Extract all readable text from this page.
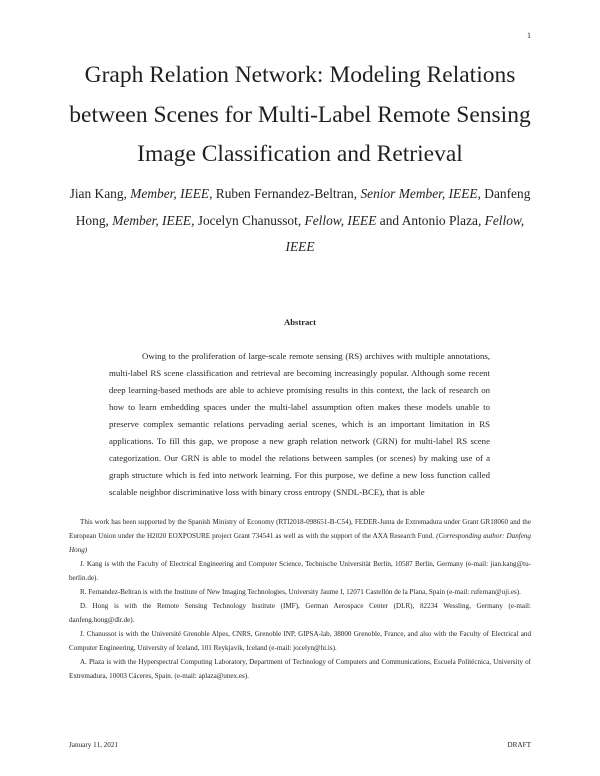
1
Graph Relation Network: Modeling Relations between Scenes for Multi-Label Remote Sensing Image Classification and Retrieval
Jian Kang, Member, IEEE, Ruben Fernandez-Beltran, Senior Member, IEEE, Danfeng Hong, Member, IEEE, Jocelyn Chanussot, Fellow, IEEE and Antonio Plaza, Fellow, IEEE
Abstract

Owing to the proliferation of large-scale remote sensing (RS) archives with multiple annotations, multi-label RS scene classification and retrieval are becoming increasingly popular. Although some recent deep learning-based methods are able to achieve promising results in this context, the lack of research on how to learn embedding spaces under the multi-label assumption often makes these models unable to preserve complex semantic relations pervading aerial scenes, which is an important limitation in RS applications. To fill this gap, we propose a new graph relation network (GRN) for multi-label RS scene categorization. Our GRN is able to model the relations between samples (or scenes) by making use of a graph structure which is fed into network learning. For this purpose, we define a new loss function called scalable neighbor discriminative loss with binary cross entropy (SNDL-BCE), that is able

This work has been supported by the Spanish Ministry of Economy (RTI2018-098651-B-C54), FEDER-Junta de Extremadura under Grant GR18060 and the European Union under the H2020 EOXPOSURE project Grant 734541 as well as with the support of the AXA Research Fund. (Corresponding author: Danfeng Hong)

J. Kang is with the Faculty of Electrical Engineering and Computer Science, Technische Universität Berlin, 10587 Berlin, Germany (e-mail: jian.kang@tu-berlin.de).

R. Fernandez-Beltran is with the Institute of New Imaging Technologies, University Jaume I, 12071 Castellón de la Plana, Spain (e-mail: rufernan@uji.es).

D. Hong is with the Remote Sensing Technology Institute (IMF), German Aerospace Center (DLR), 82234 Wessling, Germany (e-mail: danfeng.hong@dlr.de).

J. Chanussot is with the Université Grenoble Alpes, CNRS, Grenoble INP, GIPSA-lab, 38000 Grenoble, France, and also with the Faculty of Electrical and Computer Engineering, University of Iceland, 101 Reykjavik, Iceland (e-mail: jocelyn@hi.is).

A. Plaza is with the Hyperspectral Computing Laboratory, Department of Technology of Computers and Communications, Escuela Politécnica, University of Extremadura, 10003 Cáceres, Spain. (e-mail: aplaza@unex.es).

January 11, 2021	DRAFT
